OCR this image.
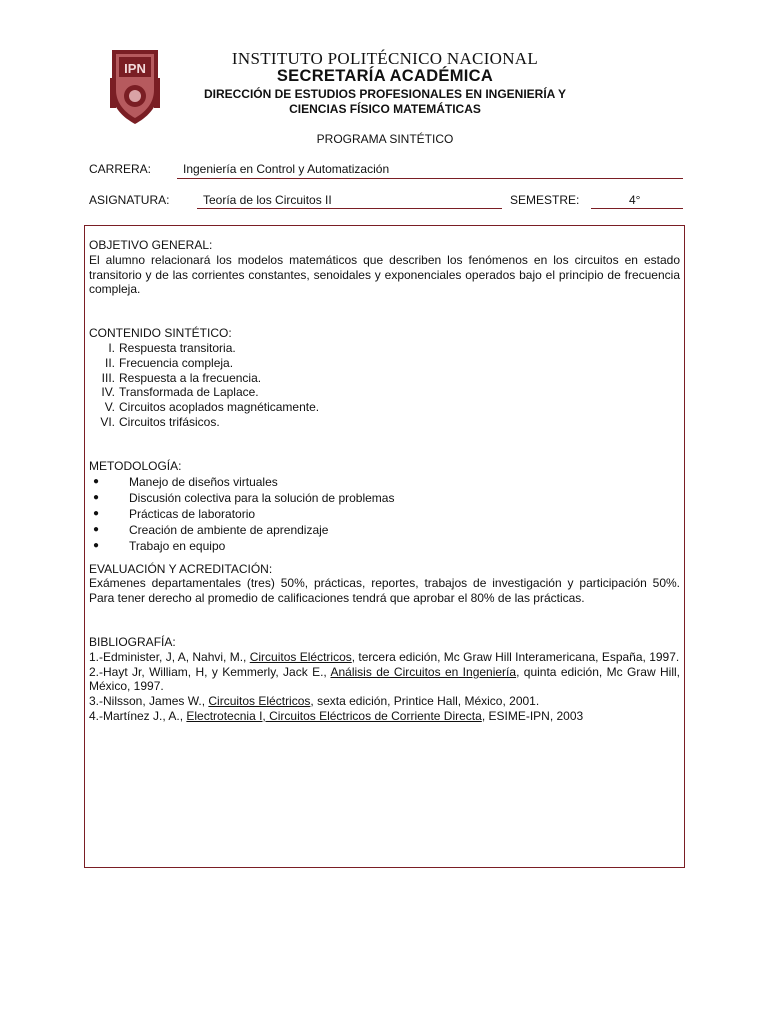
IPN
INSTITUTO POLITÉCNICO NACIONAL
SECRETARÍA ACADÉMICA
DIRECCIÓN DE ESTUDIOS PROFESIONALES EN INGENIERÍA Y
CIENCIAS FÍSICO MATEMÁTICAS
PROGRAMA SINTÉTICO
CARRERA:	Ingeniería en Control y Automatización
ASIGNATURA:	Teoría de los Circuitos II	SEMESTRE:	4°
OBJETIVO GENERAL:
El alumno relacionará los modelos matemáticos que describen los fenómenos en los circuitos en estado transitorio y de las corrientes constantes, senoidales y exponenciales operados bajo el principio de frecuencia compleja.
CONTENIDO SINTÉTICO:
I. Respuesta transitoria.
II. Frecuencia compleja.
III. Respuesta a la frecuencia.
IV. Transformada de Laplace.
V. Circuitos acoplados magnéticamente.
VI. Circuitos trifásicos.
METODOLOGÍA:
●	Manejo de diseños virtuales
●	Discusión colectiva para la solución de problemas
●	Prácticas de laboratorio
●	Creación de ambiente de aprendizaje
●	Trabajo en equipo
EVALUACIÓN Y ACREDITACIÓN:
Exámenes departamentales (tres) 50%, prácticas, reportes, trabajos de investigación y participación 50%. Para tener derecho al promedio de calificaciones tendrá que aprobar el 80% de las prácticas.
BIBLIOGRAFÍA:
1.-Edminister, J, A, Nahvi, M., Circuitos Eléctricos, tercera edición, Mc Graw Hill Interamericana, España, 1997.
2.-Hayt Jr, William, H, y Kemmerly, Jack E., Análisis de Circuitos en Ingeniería, quinta edición, Mc Graw Hill, México, 1997.
3.-Nilsson, James W., Circuitos Eléctricos, sexta edición, Printice Hall, México, 2001.
4.-Martínez J., A., Electrotecnia I, Circuitos Eléctricos de Corriente Directa, ESIME-IPN, 2003
